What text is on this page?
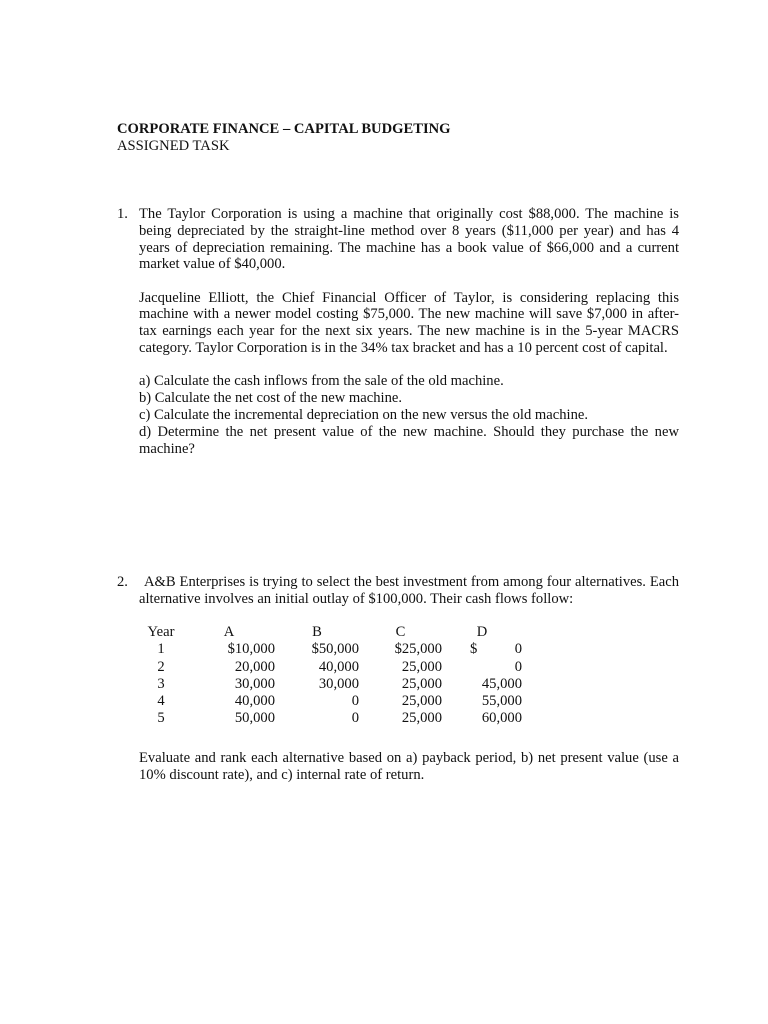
CORPORATE FINANCE – CAPITAL BUDGETING
ASSIGNED TASK
1. The Taylor Corporation is using a machine that originally cost $88,000. The machine is being depreciated by the straight-line method over 8 years ($11,000 per year) and has 4 years of depreciation remaining. The machine has a book value of $66,000 and a current market value of $40,000.

Jacqueline Elliott, the Chief Financial Officer of Taylor, is considering replacing this machine with a newer model costing $75,000. The new machine will save $7,000 in after-tax earnings each year for the next six years. The new machine is in the 5-year MACRS category. Taylor Corporation is in the 34% tax bracket and has a 10 percent cost of capital.

a) Calculate the cash inflows from the sale of the old machine.
b) Calculate the net cost of the new machine.
c) Calculate the incremental depreciation on the new versus the old machine.
d) Determine the net present value of the new machine. Should they purchase the new machine?
2.	A&B Enterprises is trying to select the best investment from among four alternatives. Each alternative involves an initial outlay of $100,000. Their cash flows follow:
Year	A	B	C	D
1	$10,000	$50,000	$25,000	$ 0
2	20,000	40,000	25,000	0
3	30,000	30,000	25,000	45,000
4	40,000	0	25,000	55,000
5	50,000	0	25,000	60,000
Evaluate and rank each alternative based on a) payback period, b) net present value (use a 10% discount rate), and c) internal rate of return.
